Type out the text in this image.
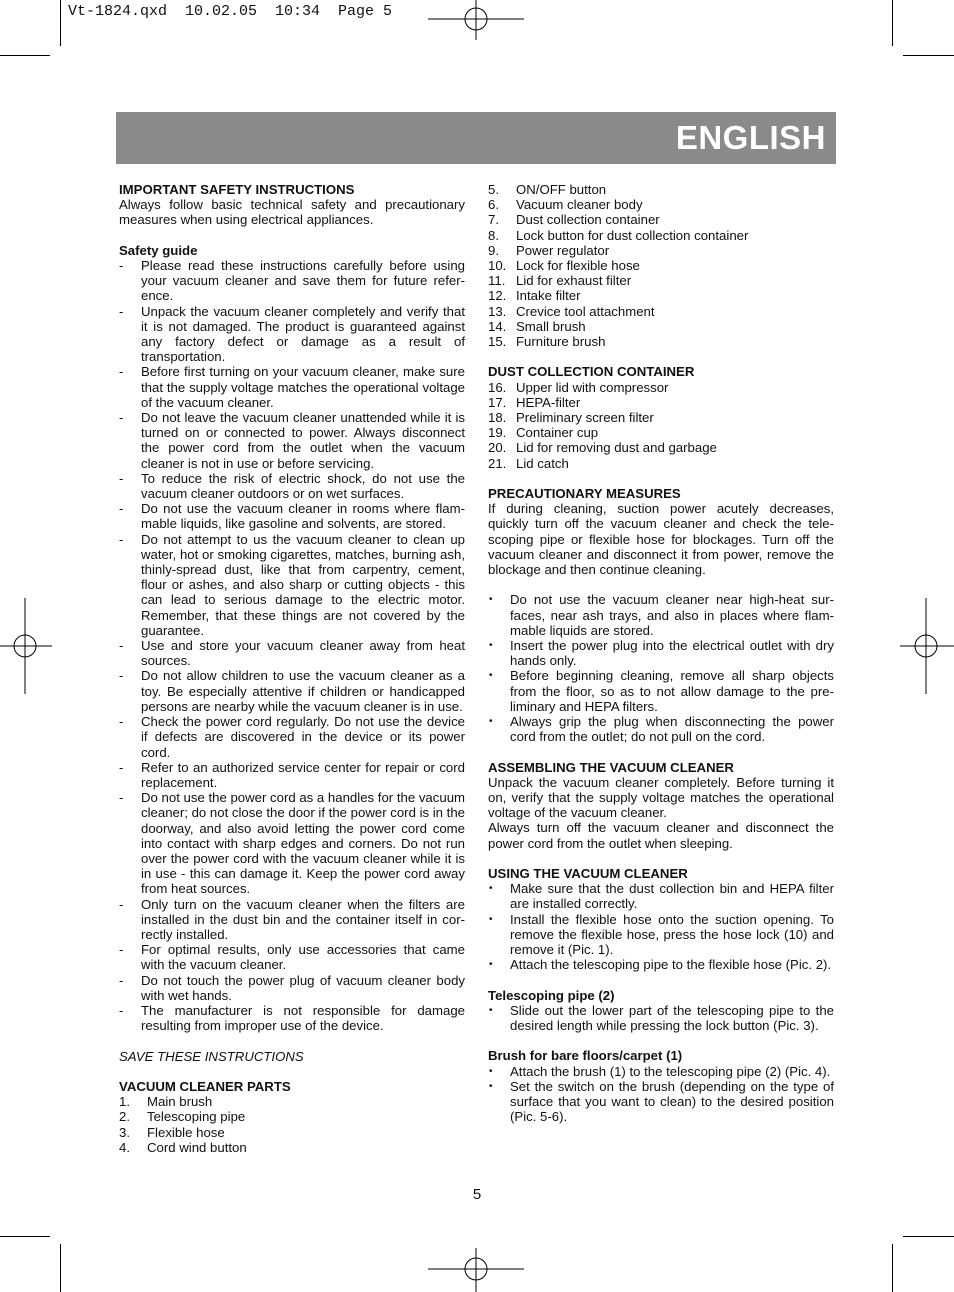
Vt-1824.qxd  10.02.05  10:34  Page 5
ENGLISH
IMPORTANT SAFETY INSTRUCTIONS
Always follow basic technical safety and precautionary measures when using electrical appliances.
Safety guide
- Please read these instructions carefully before using your vacuum cleaner and save them for future reference.
- Unpack the vacuum cleaner completely and verify that it is not damaged. The product is guaranteed against any factory defect or damage as a result of transportation.
- Before first turning on your vacuum cleaner, make sure that the supply voltage matches the operational voltage of the vacuum cleaner.
- Do not leave the vacuum cleaner unattended while it is turned on or connected to power. Always disconnect the power cord from the outlet when the vacuum cleaner is not in use or before servicing.
- To reduce the risk of electric shock, do not use the vacuum cleaner outdoors or on wet surfaces.
- Do not use the vacuum cleaner in rooms where flammable liquids, like gasoline and solvents, are stored.
- Do not attempt to us the vacuum cleaner to clean up water, hot or smoking cigarettes, matches, burning ash, thinly-spread dust, like that from carpentry, cement, flour or ashes, and also sharp or cutting objects - this can lead to serious damage to the electric motor. Remember, that these things are not covered by the guarantee.
- Use and store your vacuum cleaner away from heat sources.
- Do not allow children to use the vacuum cleaner as a toy. Be especially attentive if children or handicapped persons are nearby while the vacuum cleaner is in use.
- Check the power cord regularly. Do not use the device if defects are discovered in the device or its power cord.
- Refer to an authorized service center for repair or cord replacement.
- Do not use the power cord as a handles for the vacuum cleaner; do not close the door if the power cord is in the doorway, and also avoid letting the power cord come into contact with sharp edges and corners. Do not run over the power cord with the vacuum cleaner while it is in use - this can damage it. Keep the power cord away from heat sources.
- Only turn on the vacuum cleaner when the filters are installed in the dust bin and the container itself in correctly installed.
- For optimal results, only use accessories that came with the vacuum cleaner.
- Do not touch the power plug of vacuum cleaner body with wet hands.
- The manufacturer is not responsible for damage resulting from improper use of the device.
SAVE THESE INSTRUCTIONS
VACUUM CLEANER PARTS
1. Main brush
2. Telescoping pipe
3. Flexible hose
4. Cord wind button
5. ON/OFF button
6. Vacuum cleaner body
7. Dust collection container
8. Lock button for dust collection container
9. Power regulator
10. Lock for flexible hose
11. Lid for exhaust filter
12. Intake filter
13. Crevice tool attachment
14. Small brush
15. Furniture brush
DUST COLLECTION CONTAINER
16. Upper lid with compressor
17. HEPA-filter
18. Preliminary screen filter
19. Container cup
20. Lid for removing dust and garbage
21. Lid catch
PRECAUTIONARY MEASURES
If during cleaning, suction power acutely decreases, quickly turn off the vacuum cleaner and check the telescoping pipe or flexible hose for blockages. Turn off the vacuum cleaner and disconnect it from power, remove the blockage and then continue cleaning.
• Do not use the vacuum cleaner near high-heat surfaces, near ash trays, and also in places where flammable liquids are stored.
• Insert the power plug into the electrical outlet with dry hands only.
• Before beginning cleaning, remove all sharp objects from the floor, so as to not allow damage to the preliminary and HEPA filters.
• Always grip the plug when disconnecting the power cord from the outlet; do not pull on the cord.
ASSEMBLING THE VACUUM CLEANER
Unpack the vacuum cleaner completely. Before turning it on, verify that the supply voltage matches the operational voltage of the vacuum cleaner.
Always turn off the vacuum cleaner and disconnect the power cord from the outlet when sleeping.
USING THE VACUUM CLEANER
• Make sure that the dust collection bin and HEPA filter are installed correctly.
• Install the flexible hose onto the suction opening. To remove the flexible hose, press the hose lock (10) and remove it (Pic. 1).
• Attach the telescoping pipe to the flexible hose (Pic. 2).
Telescoping pipe (2)
• Slide out the lower part of the telescoping pipe to the desired length while pressing the lock button (Pic. 3).
Brush for bare floors/carpet (1)
• Attach the brush (1) to the telescoping pipe (2) (Pic. 4).
• Set the switch on the brush (depending on the type of surface that you want to clean) to the desired position (Pic. 5-6).
5
